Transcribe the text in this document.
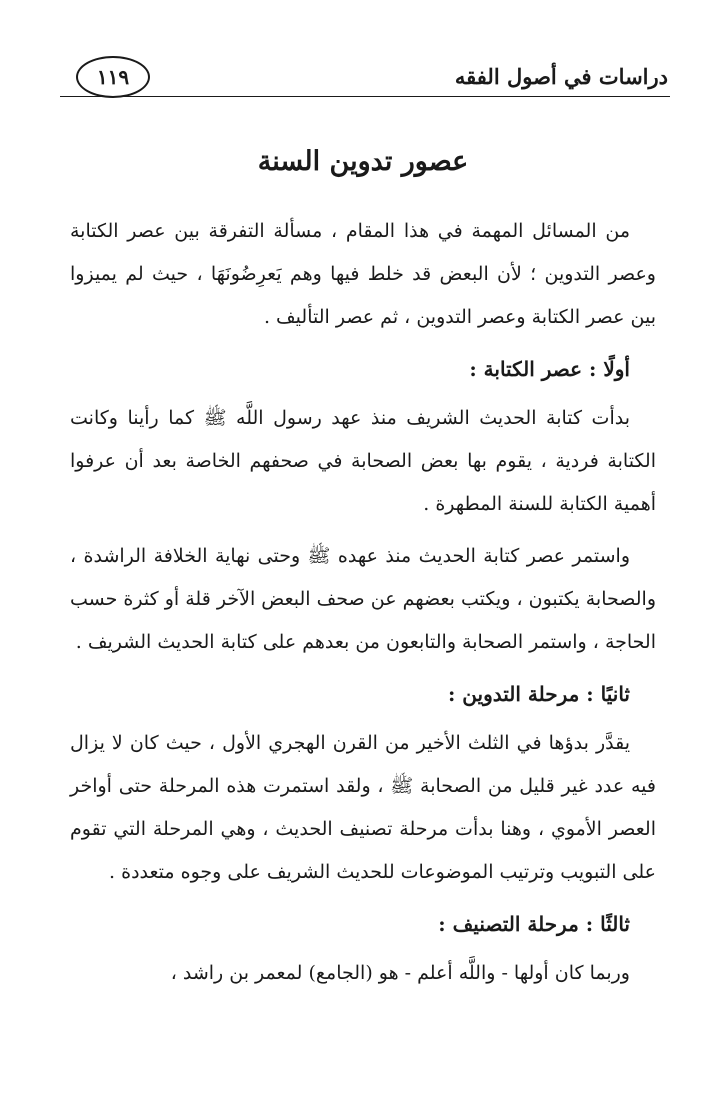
دراسات في أصول الفقه
١١٩
عصور تدوين السنة

من المسائل المهمة في هذا المقام ، مسألة التفرقة بين عصر الكتابة وعصر التدوين ؛ لأن البعض قد خلط فيها وهم يَعرِضُونَهَا ، حيث لم يميزوا بين عصر الكتابة وعصر التدوين ، ثم عصر التأليف .

أولًا : عصر الكتابة :

بدأت كتابة الحديث الشريف منذ عهد رسول اللَّه ﷺ كما رأينا وكانت الكتابة فردية ، يقوم بها بعض الصحابة في صحفهم الخاصة بعد أن عرفوا أهمية الكتابة للسنة المطهرة .

واستمر عصر كتابة الحديث منذ عهده ﷺ وحتى نهاية الخلافة الراشدة ، والصحابة يكتبون ، ويكتب بعضهم عن صحف البعض الآخر قلة أو كثرة حسب الحاجة ، واستمر الصحابة والتابعون من بعدهم على كتابة الحديث الشريف .

ثانيًا : مرحلة التدوين :

يقدَّر بدؤها في الثلث الأخير من القرن الهجري الأول ، حيث كان لا يزال فيه عدد غير قليل من الصحابة ﷺ ، ولقد استمرت هذه المرحلة حتى أواخر العصر الأموي ، وهنا بدأت مرحلة تصنيف الحديث ، وهي المرحلة التي تقوم على التبويب وترتيب الموضوعات للحديث الشريف على وجوه متعددة .

ثالثًا : مرحلة التصنيف :

وربما كان أولها - واللَّه أعلم - هو (الجامع) لمعمر بن راشد ،
